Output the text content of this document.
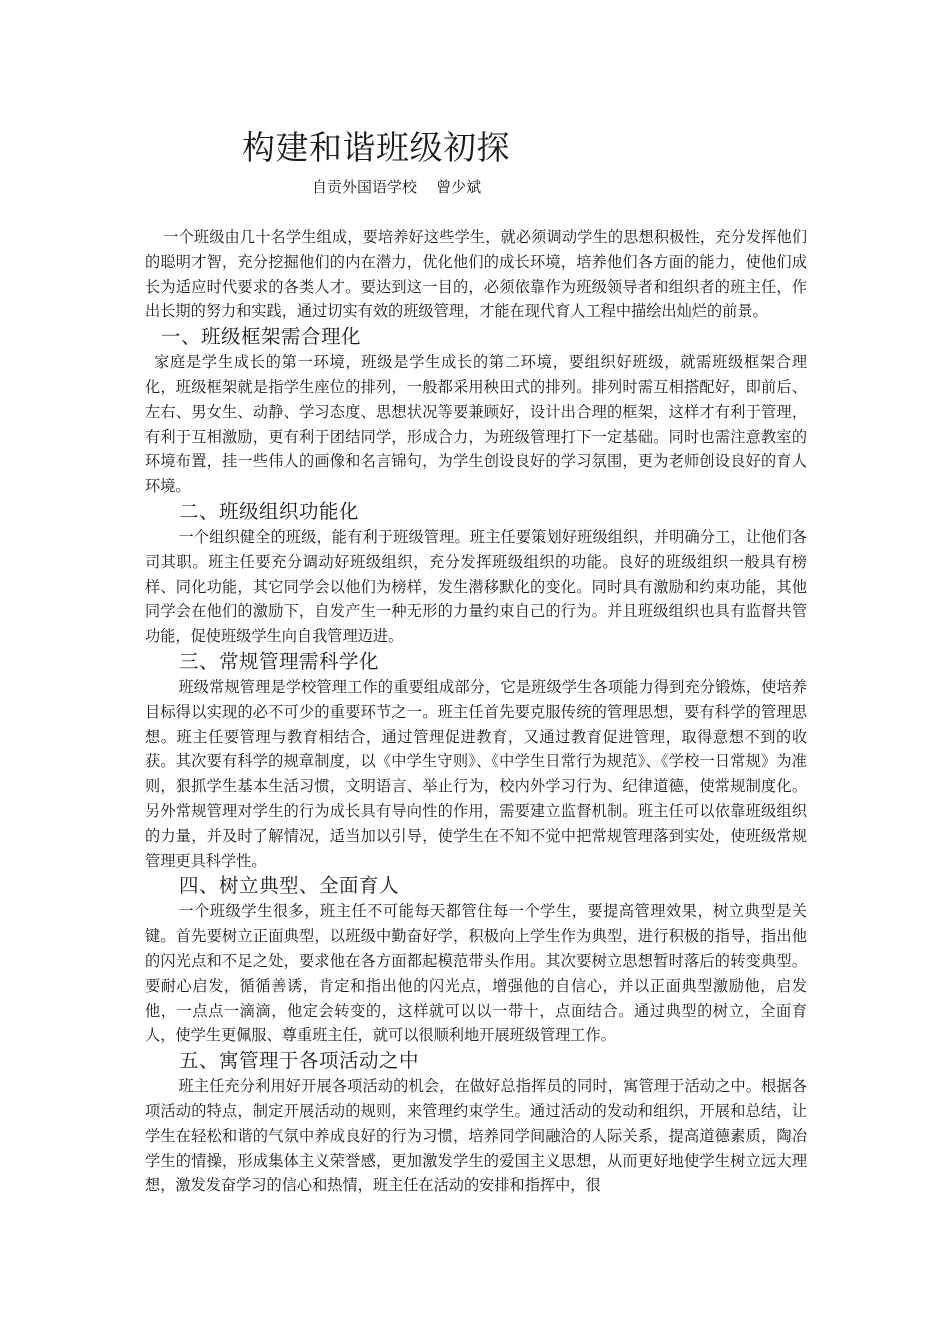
构建和谐班级初探

自贡外国语学校    曾少斌

一个班级由几十名学生组成，要培养好这些学生，就必须调动学生的思想积极性，充分发挥他们的聪明才智，充分挖掘他们的内在潜力，优化他们的成长环境，培养他们各方面的能力，使他们成长为适应时代要求的各类人才。要达到这一目的，必须依靠作为班级领导者和组织者的班主任，作出长期的努力和实践，通过切实有效的班级管理，才能在现代育人工程中描绘出灿烂的前景。

一、班级框架需合理化

家庭是学生成长的第一环境，班级是学生成长的第二环境，要组织好班级，就需班级框架合理化，班级框架就是指学生座位的排列，一般都采用秧田式的排列。排列时需互相搭配好，即前后、左右、男女生、动静、学习态度、思想状况等要兼顾好，设计出合理的框架，这样才有利于管理，有利于互相激励，更有利于团结同学，形成合力，为班级管理打下一定基础。同时也需注意教室的环境布置，挂一些伟人的画像和名言锦句，为学生创设良好的学习氛围，更为老师创设良好的育人环境。

二、班级组织功能化

一个组织健全的班级，能有利于班级管理。班主任要策划好班级组织，并明确分工，让他们各司其职。班主任要充分调动好班级组织，充分发挥班级组织的功能。良好的班级组织一般具有榜样、同化功能，其它同学会以他们为榜样，发生潜移默化的变化。同时具有激励和约束功能，其他同学会在他们的激励下，自发产生一种无形的力量约束自己的行为。并且班级组织也具有监督共管功能，促使班级学生向自我管理迈进。

三、常规管理需科学化

班级常规管理是学校管理工作的重要组成部分，它是班级学生各项能力得到充分锻炼，使培养目标得以实现的必不可少的重要环节之一。班主任首先要克服传统的管理思想，要有科学的管理思想。班主任要管理与教育相结合，通过管理促进教育，又通过教育促进管理，取得意想不到的收获。其次要有科学的规章制度，以《中学生守则》、《中学生日常行为规范》、《学校一日常规》为准则，狠抓学生基本生活习惯，文明语言、举止行为，校内外学习行为、纪律道德，使常规制度化。另外常规管理对学生的行为成长具有导向性的作用，需要建立监督机制。班主任可以依靠班级组织的力量，并及时了解情况，适当加以引导，使学生在不知不觉中把常规管理落到实处，使班级常规管理更具科学性。

四、树立典型、全面育人

一个班级学生很多，班主任不可能每天都管住每一个学生，要提高管理效果，树立典型是关键。首先要树立正面典型，以班级中勤奋好学，积极向上学生作为典型，进行积极的指导，指出他的闪光点和不足之处，要求他在各方面都起模范带头作用。其次要树立思想暂时落后的转变典型。要耐心启发，循循善诱，肯定和指出他的闪光点，增强他的自信心，并以正面典型激励他，启发他，一点点一滴滴，他定会转变的，这样就可以以一带十，点面结合。通过典型的树立，全面育人，使学生更佩服、尊重班主任，就可以很顺利地开展班级管理工作。

五、寓管理于各项活动之中

班主任充分利用好开展各项活动的机会，在做好总指挥员的同时，寓管理于活动之中。根据各项活动的特点，制定开展活动的规则，来管理约束学生。通过活动的发动和组织，开展和总结，让学生在轻松和谐的气氛中养成良好的行为习惯，培养同学间融洽的人际关系，提高道德素质，陶冶学生的情操，形成集体主义荣誉感，更加激发学生的爱国主义思想，从而更好地使学生树立远大理想，激发发奋学习的信心和热情，班主任在活动的安排和指挥中，很
